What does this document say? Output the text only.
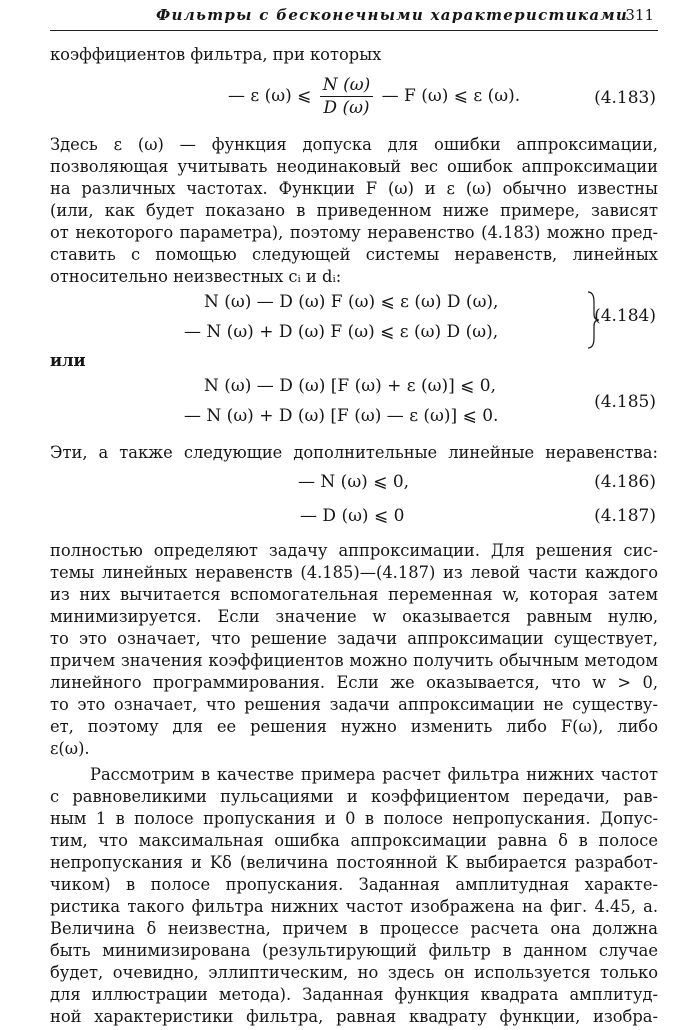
Фильтры с бесконечными характеристиками
311
коэффициентов фильтра, при которых
— ε (ω) ⩽ $\frac{N (\omega)}{D (\omega)}$ — F (ω) ⩽ ε (ω).	(4.183)
Здесь ε (ω) — функция допуска для ошибки аппроксимации,
позволяющая учитывать неодинаковый вес ошибок аппроксимации
на различных частотах. Функции F (ω) и ε (ω) обычно известны
(или, как будет показано в приведенном ниже примере, зависят
от некоторого параметра), поэтому неравенство (4.183) можно пред-
ставить с помощью следующей системы неравенств, линейных
относительно неизвестных cᵢ и dᵢ:
N (ω) — D (ω) F (ω) ⩽ ε (ω) D (ω),
— N (ω) + D (ω) F (ω) ⩽ ε (ω) D (ω),
(4.184)
или
N (ω) — D (ω) [F (ω) + ε (ω)] ⩽ 0,
— N (ω) + D (ω) [F (ω) — ε (ω)] ⩽ 0.
(4.185)
Эти, а также следующие дополнительные линейные неравенства:
— N (ω) ⩽ 0,	(4.186)
— D (ω) ⩽ 0	(4.187)
полностью определяют задачу аппроксимации. Для решения сис-
темы линейных неравенств (4.185)—(4.187) из левой части каждого
из них вычитается вспомогательная переменная w, которая затем
минимизируется. Если значение w оказывается равным нулю,
то это означает, что решение задачи аппроксимации существует,
причем значения коэффициентов можно получить обычным методом
линейного программирования. Если же оказывается, что w > 0,
то это означает, что решения задачи аппроксимации не существу-
ет, поэтому для ее решения нужно изменить либо F(ω), либо
ε(ω).
Рассмотрим в качестве примера расчет фильтра нижних частот
с равновеликими пульсациями и коэффициентом передачи, рав-
ным 1 в полосе пропускания и 0 в полосе непропускания. Допус-
тим, что максимальная ошибка аппроксимации равна δ в полосе
непропускания и Kδ (величина постоянной K выбирается разработ-
чиком) в полосе пропускания. Заданная амплитудная характе-
ристика такого фильтра нижних частот изображена на фиг. 4.45, а.
Величина δ неизвестна, причем в процессе расчета она должна
быть минимизирована (результирующий фильтр в данном случае
будет, очевидно, эллиптическим, но здесь он используется только
для иллюстрации метода). Заданная функция квадрата амплитуд-
ной характеристики фильтра, равная квадрату функции, изобра-
